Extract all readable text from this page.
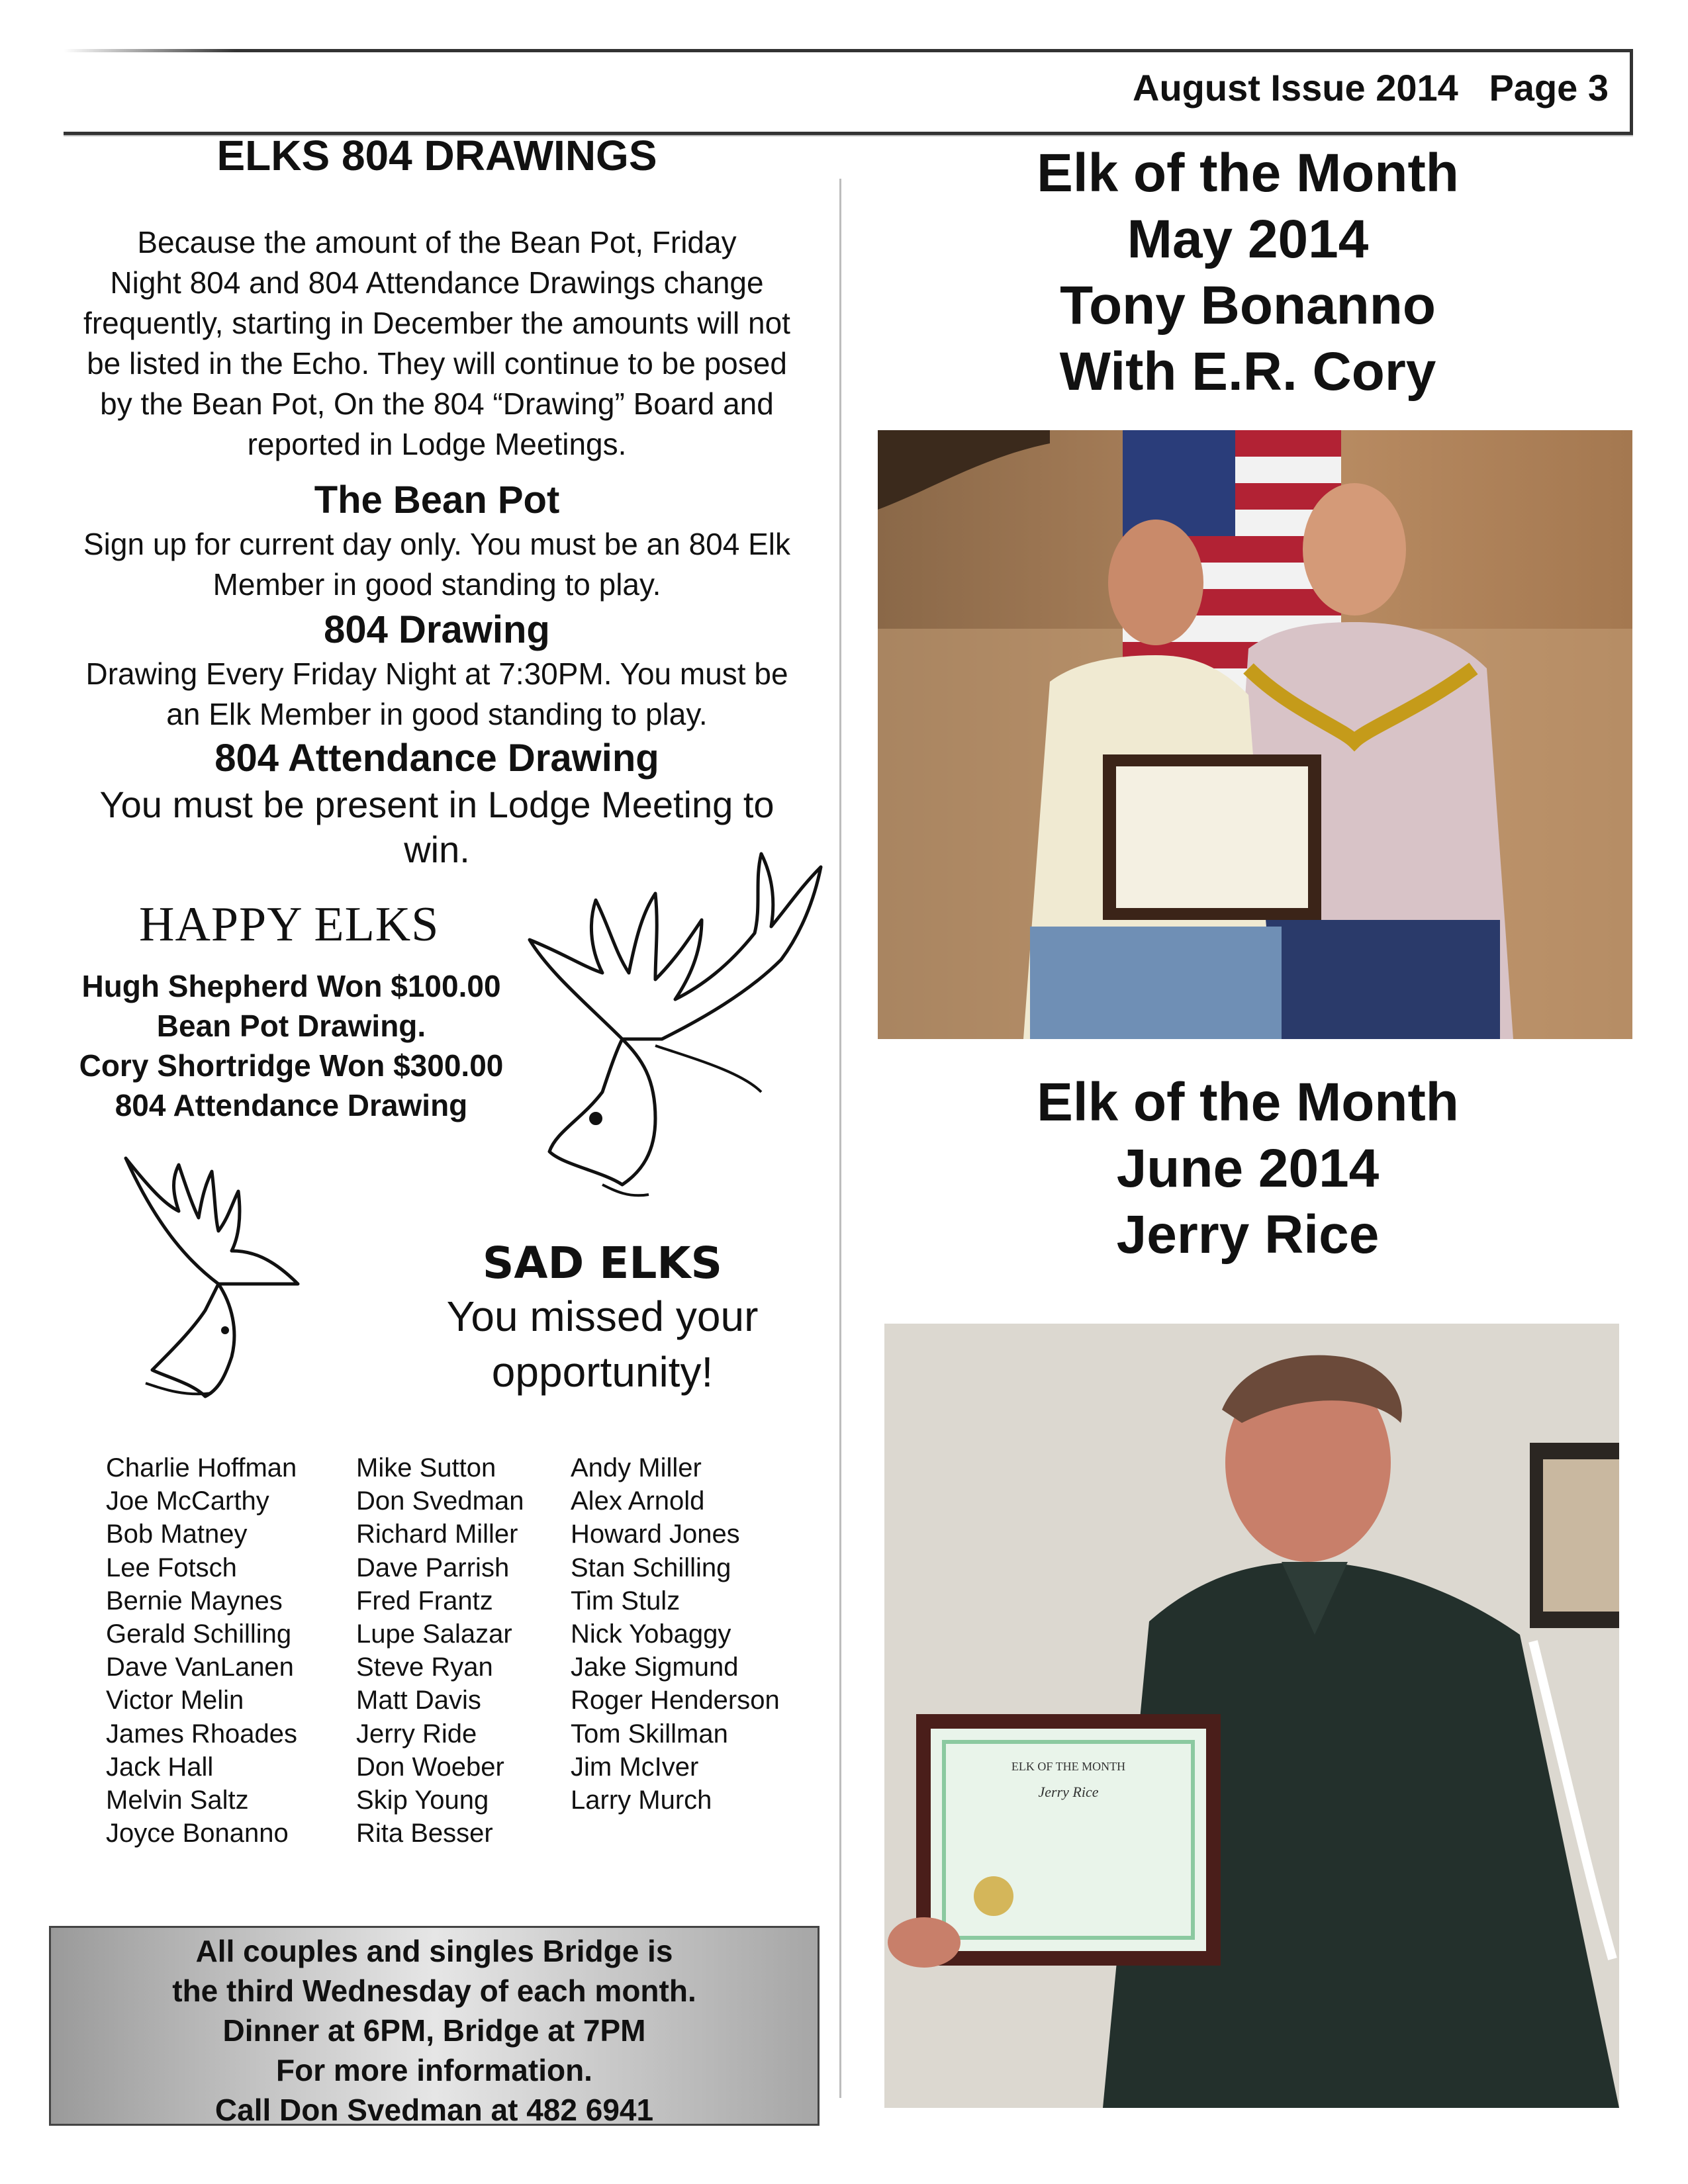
August Issue 2014   Page 3
ELKS 804 DRAWINGS
Because the amount of the Bean Pot, Friday
Night 804 and 804 Attendance Drawings change
frequently, starting in December the amounts will not
be listed in the Echo. They will continue to be posed
by the Bean Pot, On the 804 “Drawing” Board and
reported in Lodge Meetings.
The Bean Pot
Sign up for current day only. You must be an 804 Elk
Member in good standing to play.
804 Drawing
Drawing Every Friday Night at 7:30PM. You must be
an Elk Member in good standing to play.
804 Attendance Drawing
You must be present in Lodge Meeting to
win.
HAPPY ELKS
Hugh Shepherd Won $100.00
Bean Pot Drawing.
Cory Shortridge Won $300.00
804 Attendance Drawing
SAD ELKS
You missed your
opportunity!
Charlie Hoffman
Joe McCarthy
Bob Matney
Lee Fotsch
Bernie Maynes
Gerald Schilling
Dave VanLanen
Victor Melin
James Rhoades
Jack Hall
Melvin Saltz
Joyce Bonanno
Mike Sutton
Don Svedman
Richard Miller
Dave Parrish
Fred Frantz
Lupe Salazar
Steve Ryan
Matt Davis
Jerry Ride
Don Woeber
Skip Young
Rita Besser
Andy Miller
Alex Arnold
Howard Jones
Stan Schilling
Tim Stulz
Nick Yobaggy
Jake Sigmund
Roger Henderson
Tom Skillman
Jim McIver
Larry Murch
All couples and singles Bridge is
the third Wednesday of each month.
Dinner at 6PM, Bridge at 7PM
For more information.
Call Don Svedman at 482 6941
Elk of the Month
May 2014
Tony Bonanno
With E.R. Cory
Elk of the Month
June 2014
Jerry Rice
ELK OF THE MONTH
Jerry Rice
